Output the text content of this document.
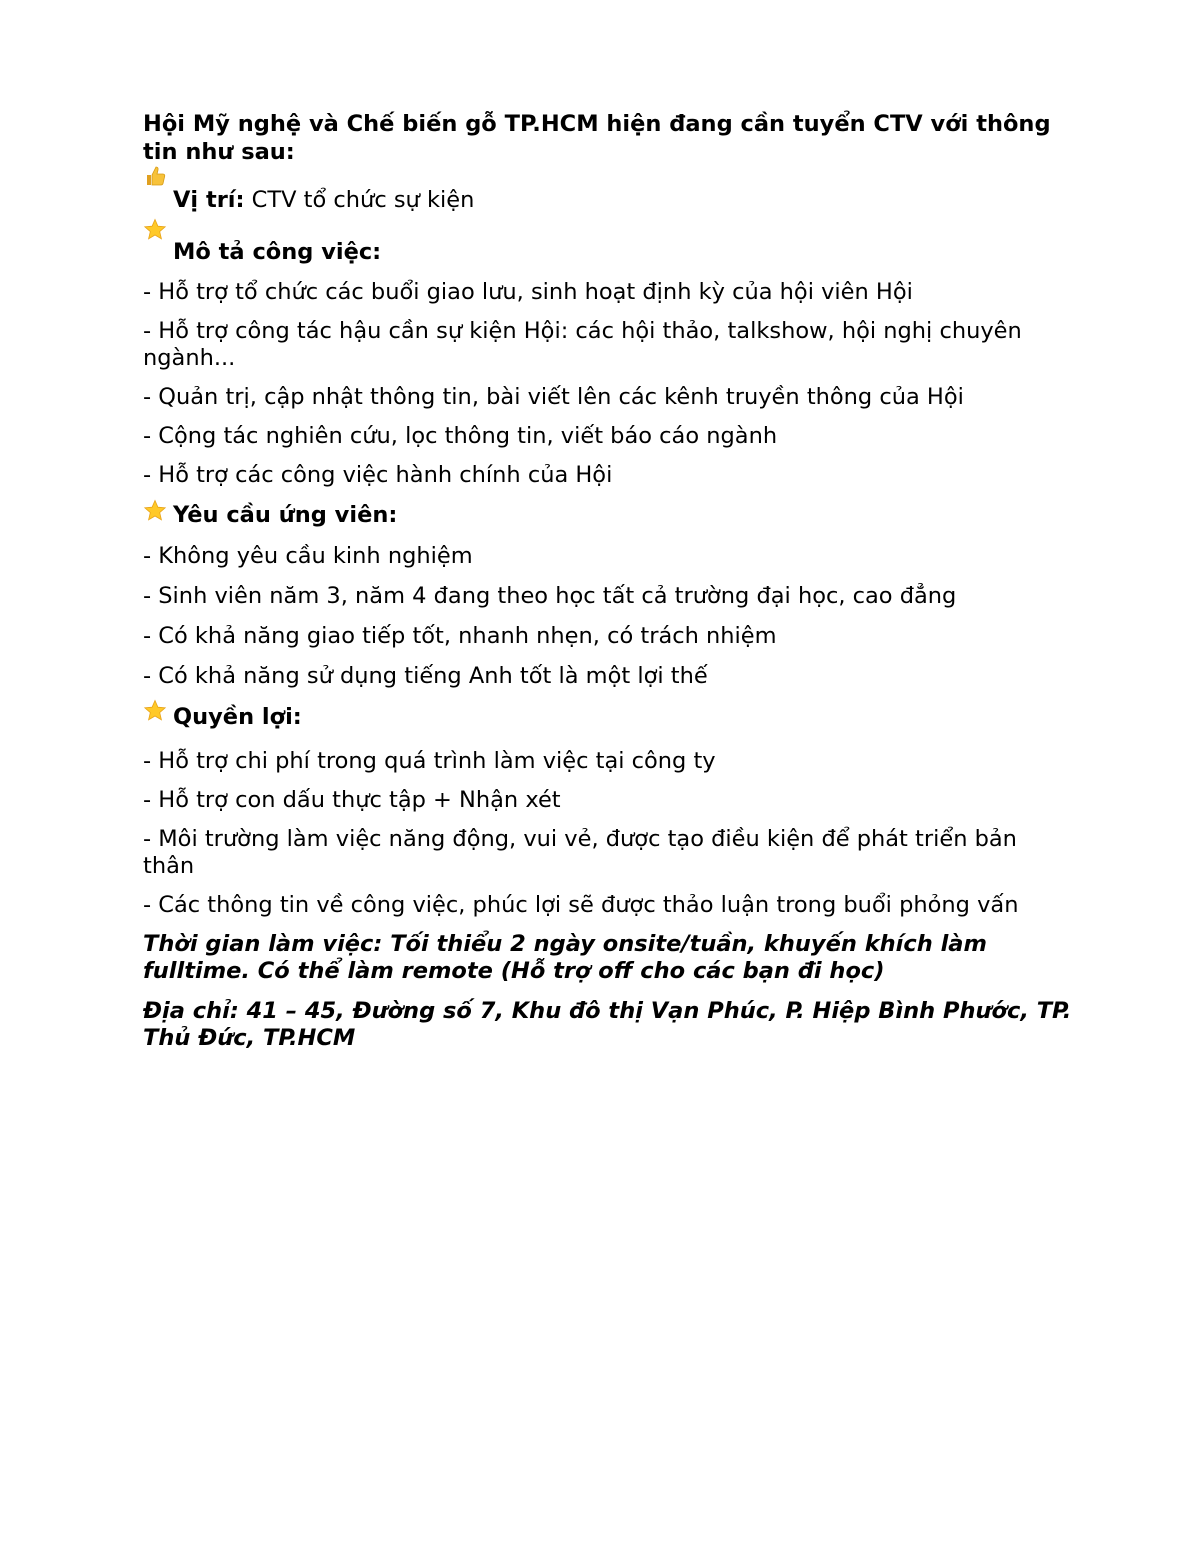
Hội Mỹ nghệ và Chế biến gỗ TP.HCM hiện đang cần tuyển CTV với thông tin như sau:
Vị trí: CTV tổ chức sự kiện
Mô tả công việc:

- Hỗ trợ tổ chức các buổi giao lưu, sinh hoạt định kỳ của hội viên Hội

- Hỗ trợ công tác hậu cần sự kiện Hội: các hội thảo, talkshow, hội nghị chuyên ngành...

- Quản trị, cập nhật thông tin, bài viết lên các kênh truyền thông của Hội

- Cộng tác nghiên cứu, lọc thông tin, viết báo cáo ngành

- Hỗ trợ các công việc hành chính của Hội

Yêu cầu ứng viên:

- Không yêu cầu kinh nghiệm

- Sinh viên năm 3, năm 4 đang theo học tất cả trường đại học, cao đẳng

- Có khả năng giao tiếp tốt, nhanh nhẹn, có trách nhiệm

- Có khả năng sử dụng tiếng Anh tốt là một lợi thế

Quyền lợi:

- Hỗ trợ chi phí trong quá trình làm việc tại công ty

- Hỗ trợ con dấu thực tập + Nhận xét

- Môi trường làm việc năng động, vui vẻ, được tạo điều kiện để phát triển bản thân

- Các thông tin về công việc, phúc lợi sẽ được thảo luận trong buổi phỏng vấn

Thời gian làm việc: Tối thiểu 2 ngày onsite/tuần, khuyến khích làm fulltime. Có thể làm remote (Hỗ trợ off cho các bạn đi học)

Địa chỉ: 41 – 45, Đường số 7, Khu đô thị Vạn Phúc, P. Hiệp Bình Phước, TP. Thủ Đức, TP.HCM
